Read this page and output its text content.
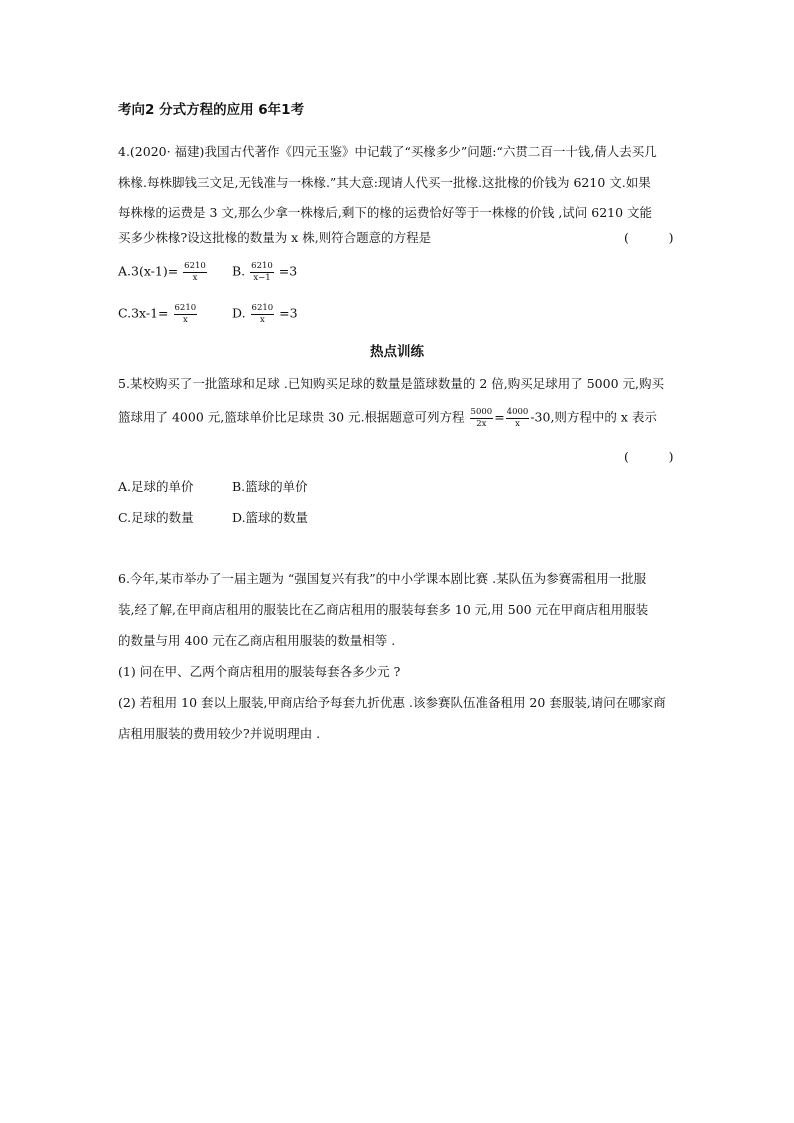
考向2 分式方程的应用 6年1考
4.(2020· 福建)我国古代著作《四元玉鉴》中记载了“买椽多少”问题:“六贯二百一十钱,倩人去买几
株椽.每株脚钱三文足,无钱准与一株椽.”其大意:现请人代买一批椽.这批椽的价钱为 6210 文.如果
每株椽的运费是 3 文,那么少拿一株椽后,剩下的椽的运费恰好等于一株椽的价钱 ,试问 6210 文能
买多少株椽?设这批椽的数量为 x 株,则符合题意的方程是	(          )
$A.3(x-1)= \frac{6210}{x} B$. $\frac{6210}{x-1} =3$
$C.3x-1= \frac{6210}{x}$	D. $\frac{6210}{x} =3$
热点训练
5.某校购买了一批篮球和足球 .已知购买足球的数量是篮球数量的 2 倍,购买足球用了 5000 元,购买
篮球用了 4000 元,篮球单价比足球贵 30 元.根据题意可列方程 $\frac{5000}{2x} = \frac{4000}{x} -30$,则方程中的 x 表示
(          )
A.足球的单价	B.篮球的单价
C.足球的数量	D.篮球的数量
6.今年,某市举办了一届主题为 “强国复兴有我”的中小学课本剧比赛 .某队伍为参赛需租用一批服
装,经了解,在甲商店租用的服装比在乙商店租用的服装每套多 10 元,用 500 元在甲商店租用服装
的数量与用 400 元在乙商店租用服装的数量相等 .
(1) 问在甲、乙两个商店租用的服装每套各多少元 ?
(2) 若租用 10 套以上服装,甲商店给予每套九折优惠 .该参赛队伍准备租用 20 套服装,请问在哪家商
店租用服装的费用较少?并说明理由 .
